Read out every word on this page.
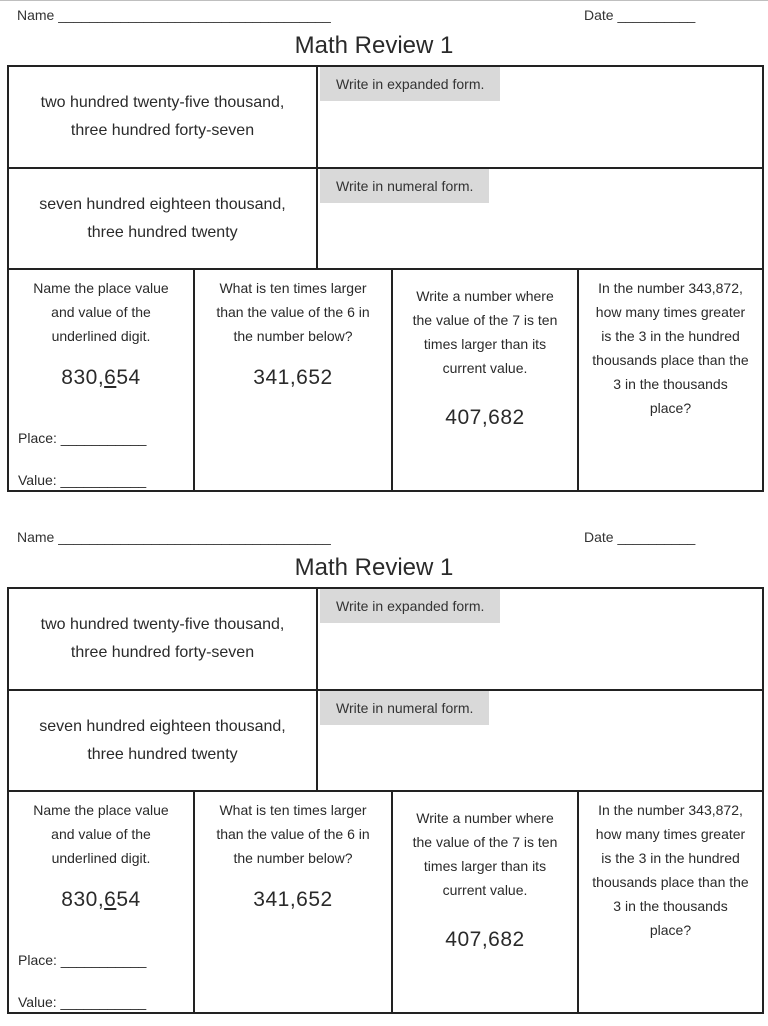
Name ___________________________________	Date __________
Math Review 1
two hundred twenty-five thousand,
three hundred forty-seven
Write in expanded form.
seven hundred eighteen thousand,
three hundred twenty
Write in numeral form.
Name the place value
and value of the
underlined digit.
830,654
Place: ___________
Value: ___________
What is ten times larger
than the value of the 6 in
the number below?
341,652
Write a number where
the value of the 7 is ten
times larger than its
current value.
407,682
In the number 343,872,
how many times greater
is the 3 in the hundred
thousands place than the
3 in the thousands
place?
Name ___________________________________	Date __________
Math Review 1
two hundred twenty-five thousand,
three hundred forty-seven
Write in expanded form.
seven hundred eighteen thousand,
three hundred twenty
Write in numeral form.
Name the place value
and value of the
underlined digit.
830,654
Place: ___________
Value: ___________
What is ten times larger
than the value of the 6 in
the number below?
341,652
Write a number where
the value of the 7 is ten
times larger than its
current value.
407,682
In the number 343,872,
how many times greater
is the 3 in the hundred
thousands place than the
3 in the thousands
place?
